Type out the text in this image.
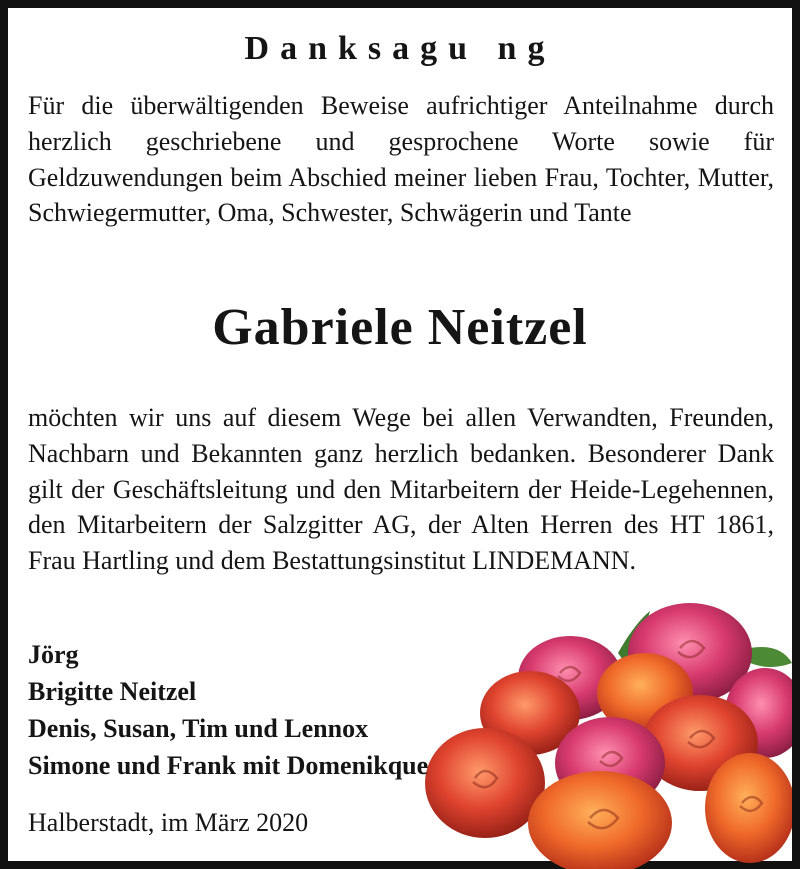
Danksagu ng

Für die überwältigenden Beweise aufrichtiger Anteilnahme durch herzlich geschriebene und gesprochene Worte sowie für Geldzuwendungen beim Abschied meiner lieben Frau, Tochter, Mutter, Schwiegermutter, Oma, Schwester, Schwägerin und Tante

Gabriele Neitzel

möchten wir uns auf diesem Wege bei allen Verwandten, Freunden, Nachbarn und Bekannten ganz herzlich bedanken. Besonderer Dank gilt der Geschäftsleitung und den Mitarbeitern der Heide-Legehennen, den Mitarbeitern der Salzgitter AG, der Alten Herren des HT 1861, Frau Hartling und dem Bestattungsinstitut LINDEMANN.

Jörg
Brigitte Neitzel
Denis, Susan, Tim und Lennox
Simone und Frank mit Domenikque

Halberstadt, im März 2020
